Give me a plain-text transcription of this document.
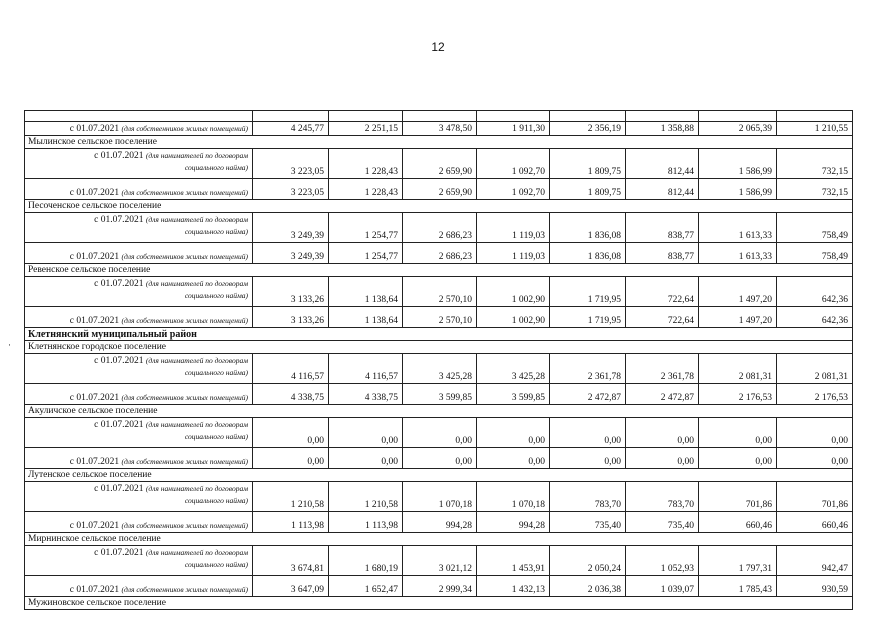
12
·

с 01.07.2021 (для собственников жилых помещений)	4 245,77	2 251,15	3 478,50	1 911,30	2 356,19	1 358,88	2 065,39	1 210,55
Мылинское сельское поселение								
с 01.07.2021 (для нанимателей по договорам
социального найма)	3 223,05	1 228,43	2 659,90	1 092,70	1 809,75	812,44	1 586,99	732,15
с 01.07.2021 (для собственников жилых помещений)	3 223,05	1 228,43	2 659,90	1 092,70	1 809,75	812,44	1 586,99	732,15
Песоченское сельское поселение								
с 01.07.2021 (для нанимателей по договорам
социального найма)	3 249,39	1 254,77	2 686,23	1 119,03	1 836,08	838,77	1 613,33	758,49
с 01.07.2021 (для собственников жилых помещений)	3 249,39	1 254,77	2 686,23	1 119,03	1 836,08	838,77	1 613,33	758,49
Ревенское сельское поселение								
с 01.07.2021 (для нанимателей по договорам
социального найма)	3 133,26	1 138,64	2 570,10	1 002,90	1 719,95	722,64	1 497,20	642,36
с 01.07.2021 (для собственников жилых помещений)	3 133,26	1 138,64	2 570,10	1 002,90	1 719,95	722,64	1 497,20	642,36
Клетнянский муниципальный район								
Клетнянское городское поселение								
с 01.07.2021 (для нанимателей по договорам
социального найма)	4 116,57	4 116,57	3 425,28	3 425,28	2 361,78	2 361,78	2 081,31	2 081,31
с 01.07.2021 (для собственников жилых помещений)	4 338,75	4 338,75	3 599,85	3 599,85	2 472,87	2 472,87	2 176,53	2 176,53
Акуличское сельское поселение								
с 01.07.2021 (для нанимателей по договорам
социального найма)	0,00	0,00	0,00	0,00	0,00	0,00	0,00	0,00
с 01.07.2021 (для собственников жилых помещений)	0,00	0,00	0,00	0,00	0,00	0,00	0,00	0,00
Лутенское сельское поселение								
с 01.07.2021 (для нанимателей по договорам
социального найма)	1 210,58	1 210,58	1 070,18	1 070,18	783,70	783,70	701,86	701,86
с 01.07.2021 (для собственников жилых помещений)	1 113,98	1 113,98	994,28	994,28	735,40	735,40	660,46	660,46
Мирнинское сельское поселение								
с 01.07.2021 (для нанимателей по договорам
социального найма)	3 674,81	1 680,19	3 021,12	1 453,91	2 050,24	1 052,93	1 797,31	942,47
с 01.07.2021 (для собственников жилых помещений)	3 647,09	1 652,47	2 999,34	1 432,13	2 036,38	1 039,07	1 785,43	930,59
Мужиновское сельское поселение								
